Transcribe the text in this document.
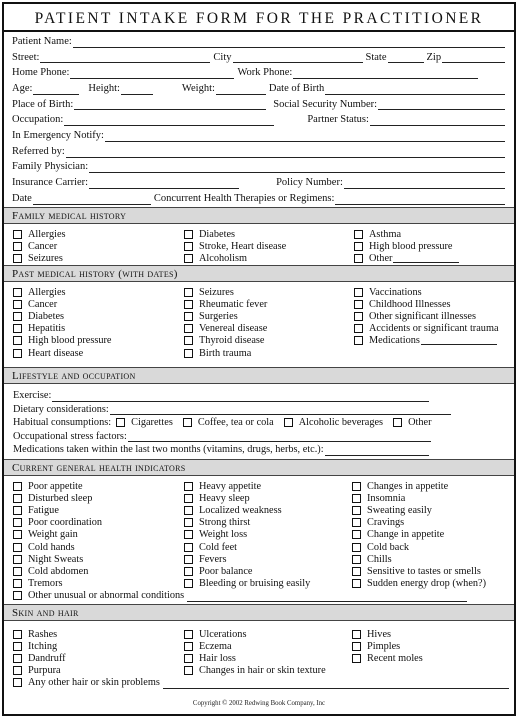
PATIENT INTAKE FORM FOR THE PRACTITIONER
Patient Name:
Street:	City	State	Zip
Home Phone:	Work Phone:
Age:	Height:	Weight:	Date of Birth
Place of Birth:	Social Security Number:
Occupation:	Partner Status:
In Emergency Notify:
Referred by:
Family Physician:
Insurance Carrier:	Policy Number:
Date	Concurrent Health Therapies or Regimens:
Family medical history
Allergies
Cancer
Seizures
Diabetes
Stroke, Heart disease
Alcoholism
Asthma
High blood pressure
Other
Past medical history (with dates)
Allergies
Cancer
Diabetes
Hepatitis
High blood pressure
Heart disease
Seizures
Rheumatic fever
Surgeries
Venereal disease
Thyroid disease
Birth trauma
Vaccinations
Childhood Illnesses
Other significant illnesses
Accidents or significant trauma
Medications
Lifestyle and occupation
Exercise:
Dietary considerations:
Habitual consumptions: Cigarettes Coffee, tea or cola Alcoholic beverages Other
Occupational stress factors:
Medications taken within the last two months (vitamins, drugs, herbs, etc.):
Current general health indicators
Poor appetite
Disturbed sleep
Fatigue
Poor coordination
Weight gain
Cold hands
Night Sweats
Cold abdomen
Tremors
Heavy appetite
Heavy sleep
Localized weakness
Strong thirst
Weight loss
Cold feet
Fevers
Poor balance
Bleeding or bruising easily
Changes in appetite
Insomnia
Sweating easily
Cravings
Change in appetite
Cold back
Chills
Sensitive to tastes or smells
Sudden energy drop (when?)
Other unusual or abnormal conditions
Skin and hair
Rashes
Itching
Dandruff
Purpura
Ulcerations
Eczema
Hair loss
Changes in hair or skin texture
Hives
Pimples
Recent moles
Any other hair or skin problems
Copyright © 2002 Redwing Book Company, Inc
